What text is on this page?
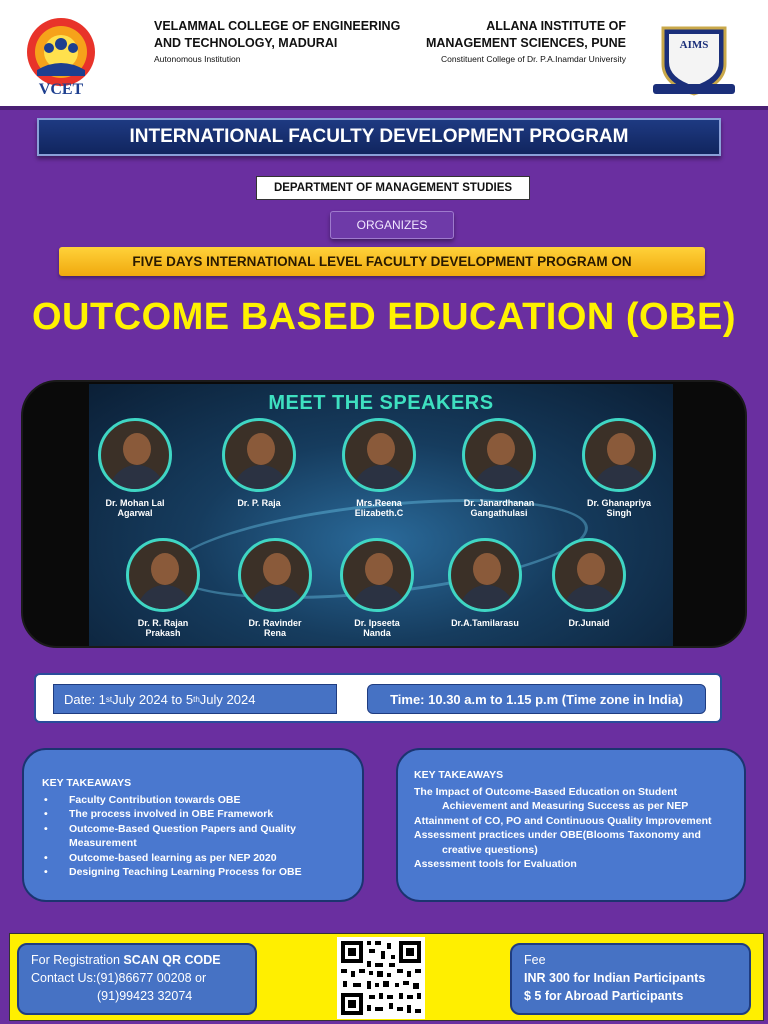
VCET
VELAMMAL COLLEGE OF ENGINEERING
AND TECHNOLOGY, MADURAI
Autonomous Institution
ALLANA INSTITUTE OF
MANAGEMENT SCIENCES, PUNE
Constituent College of Dr. P.A.Inamdar University
AIMS
INTERNATIONAL FACULTY DEVELOPMENT PROGRAM
DEPARTMENT OF MANAGEMENT STUDIES
ORGANIZES
FIVE DAYS INTERNATIONAL LEVEL FACULTY DEVELOPMENT PROGRAM ON
OUTCOME BASED EDUCATION (OBE)
MEET THE SPEAKERS
Dr. Mohan Lal
Agarwal
Dr. P. Raja	Mrs.Reena
Elizabeth.C
Dr. Janardhanan
Gangathulasi
Dr. Ghanapriya
Singh
Dr. R. Rajan
Prakash
Dr. Ravinder
Rena
Dr. Ipseeta
Nanda
Dr.A.Tamilarasu	Dr.Junaid
Date: 1 st July 2024 to 5 th July 2024	Time: 10.30 a.m to 1.15 p.m (Time zone in India)
KEY TAKEAWAYS
• Faculty Contribution towards OBE
• The process involved in OBE Framework
• Outcome-Based Question Papers and Quality Measurement
• Outcome-based learning as per NEP 2020
• Designing Teaching Learning Process for OBE
KEY TAKEAWAYS
The Impact of Outcome-Based Education on Student Achievement and Measuring Success as per NEP
Attainment of CO, PO and Continuous Quality Improvement
Assessment practices under OBE(Blooms Taxonomy and creative questions)
Assessment tools for Evaluation
For Registration SCAN QR CODE
Contact Us:(91)86677 00208 or
(91)99423 32074
Fee
INR 300 for Indian Participants
$ 5 for Abroad Participants
